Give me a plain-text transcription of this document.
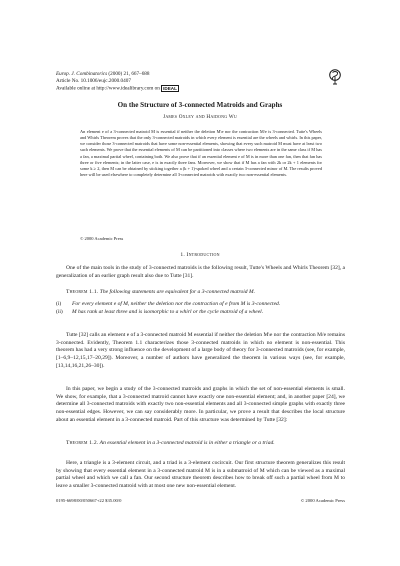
Europ. J. Combinatorics (2000) 21, 667–688
Article No. 10.1006/eujc.2000.0407
Available online at http://www.idealibrary.com on IDEAL
On the Structure of 3-connected Matroids and Graphs
James Oxley and Haidong Wu
An element e of a 3-connected matroid M is essential if neither the deletion M\e nor the contraction M/e is 3-connected. Tutte's Wheels and Whirls Theorem proves that the only 3-connected matroids in which every element is essential are the wheels and whirls. In this paper, we consider those 3-connected matroids that have some non-essential elements, showing that every such matroid M must have at least two such elements. We prove that the essential elements of M can be partitioned into classes where two elements are in the same class if M has a fan, a maximal partial wheel, containing both. We also prove that if an essential element e of M is in more than one fan, then that fan has three or five elements; in the latter case, e is in exactly three fans. Moreover, we show that if M has a fan with 2k or 2k + 1 elements for some k ≥ 2, then M can be obtained by sticking together a (k + 1)-spoked wheel and a certain 3-connected minor of M. The results proved here will be used elsewhere to completely determine all 3-connected matroids with exactly two non-essential elements.
© 2000 Academic Press
1. Introduction
One of the main tools in the study of 3-connected matroids is the following result, Tutte's Wheels and Whirls Theorem [32], a generalization of an earlier graph result also due to Tutte [31].
Theorem 1.1. The following statements are equivalent for a 3-connected matroid M.
(i)	For every element e of M, neither the deletion nor the contraction of e from M is 3-connected.
(ii)	M has rank at least three and is isomorphic to a whirl or the cycle matroid of a wheel.
Tutte [32] calls an element e of a 3-connected matroid M essential if neither the deletion M\e nor the contraction M/e remains 3-connected. Evidently, Theorem 1.1 characterizes those 3-connected matroids in which no element is non-essential. This theorem has had a very strong influence on the development of a large body of theory for 3-connected matroids (see, for example, [1–6,9–12,15,17–20,29]). Moreover, a number of authors have generalized the theorem in various ways (see, for example, [13,14,16,21,26–30]).
In this paper, we begin a study of the 3-connected matroids and graphs in which the set of non-essential elements is small. We show, for example, that a 3-connected matroid cannot have exactly one non-essential element; and, in another paper [24], we determine all 3-connected matroids with exactly two non-essential elements and all 3-connected simple graphs with exactly three non-essential edges. However, we can say considerably more. In particular, we prove a result that describes the local structure about an essential element in a 3-connected matroid. Part of this structure was determined by Tutte [32]:
Theorem 1.2. An essential element in a 3-connected matroid is in either a triangle or a triad.
Here, a triangle is a 3-element circuit, and a triad is a 3-element cocircuit. Our first structure theorem generalizes this result by showing that every essential element in a 3-connected matroid M is in a submatroid of M which can be viewed as a maximal partial wheel and which we call a fan. Our second structure theorem describes how to break off such a partial wheel from M to leave a smaller 3-connected matroid with at most one new non-essential element.
0195-6698/00/050667+22 $35.00/0	© 2000 Academic Press
